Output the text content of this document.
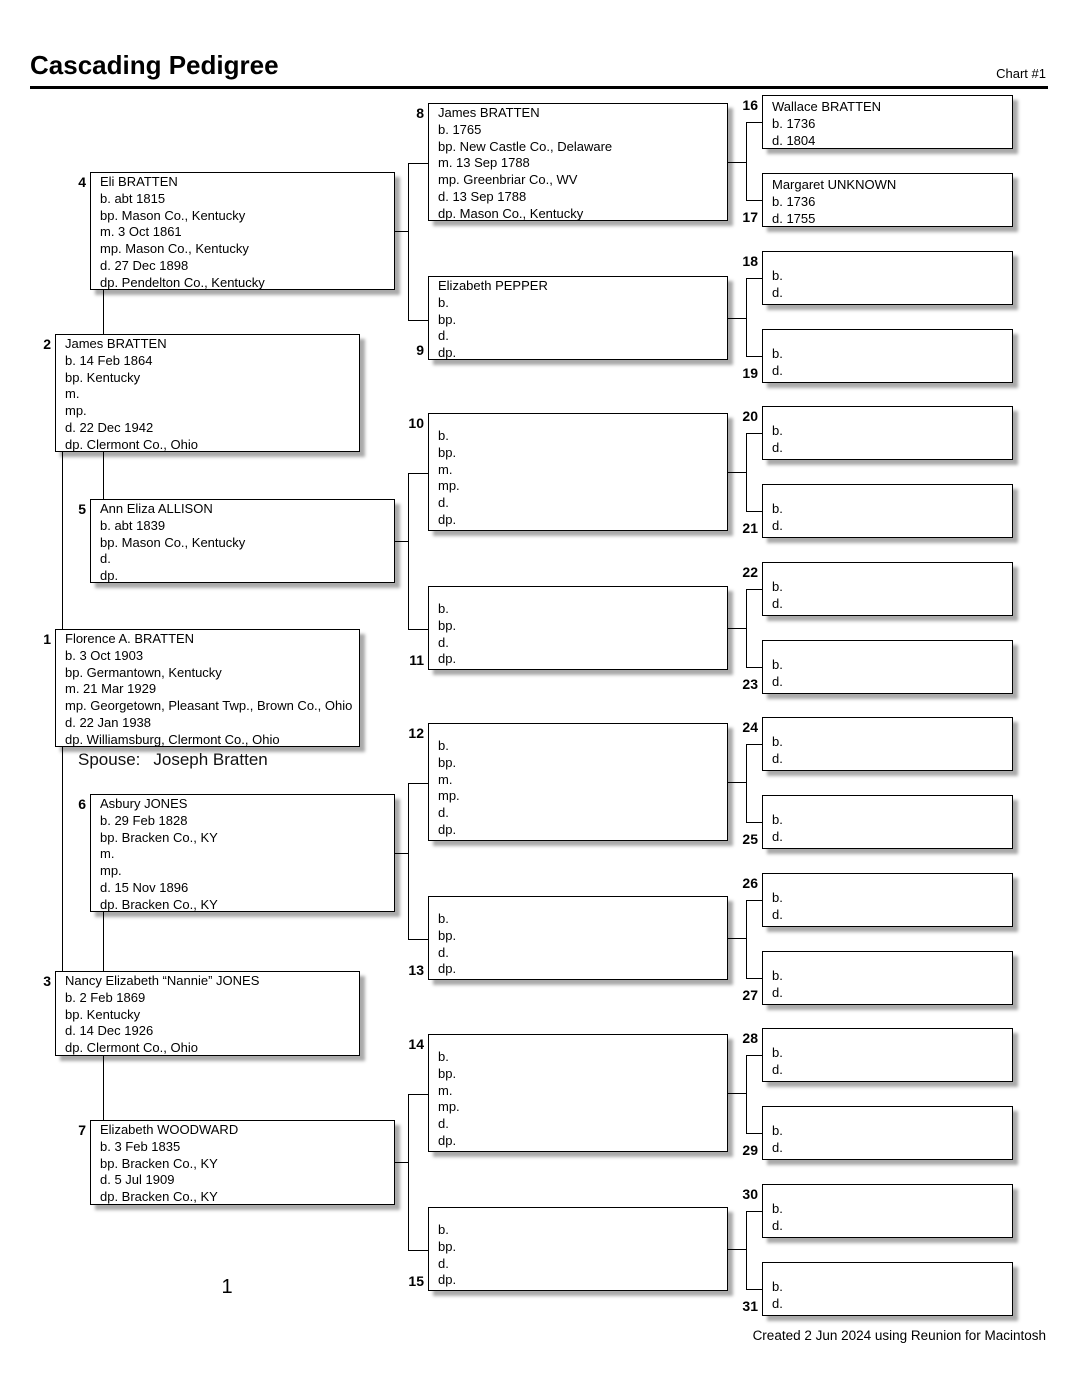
Cascading Pedigree	Chart #1
Florence A. BRATTEN
b. 3 Oct 1903
bp. Germantown, Kentucky
m. 21 Mar 1929
mp. Georgetown, Pleasant Twp., Brown Co., Ohio
d. 22 Jan 1938
dp. Williamsburg, Clermont Co., Ohio
1
James BRATTEN
b. 14 Feb 1864
bp. Kentucky
m.
mp.
d. 22 Dec 1942
dp. Clermont Co., Ohio
2
Nancy Elizabeth “Nannie” JONES
b. 2 Feb 1869
bp. Kentucky
d. 14 Dec 1926
dp. Clermont Co., Ohio
3
Eli BRATTEN
b. abt 1815
bp. Mason Co., Kentucky
m. 3 Oct 1861
mp. Mason Co., Kentucky
d. 27 Dec 1898
dp. Pendelton Co., Kentucky
4
Ann Eliza ALLISON
b. abt 1839
bp. Mason Co., Kentucky
d.
dp.
5
Asbury JONES
b. 29 Feb 1828
bp. Bracken Co., KY
m.
mp.
d. 15 Nov 1896
dp. Bracken Co., KY
6
Elizabeth WOODWARD
b. 3 Feb 1835
bp. Bracken Co., KY
d. 5 Jul 1909
dp. Bracken Co., KY
7
James BRATTEN
b. 1765
bp. New Castle Co., Delaware
m. 13 Sep 1788
mp. Greenbriar Co., WV
d. 13 Sep 1788
dp. Mason Co., Kentucky
8
Elizabeth PEPPER
b.
bp.
d.
dp.
9
b.
bp.
m.
mp.
d.
dp.
10
b.
bp.
d.
dp.
11
b.
bp.
m.
mp.
d.
dp.
12
b.
bp.
d.
dp.
13
b.
bp.
m.
mp.
d.
dp.
14
b.
bp.
d.
dp.
15
Wallace BRATTEN
b. 1736
d. 1804
16
Margaret UNKNOWN
b. 1736
d. 1755
17
b.
d.
18
b.
d.
19
b.
d.
20
b.
d.
21
b.
d.
22
b.
d.
23
b.
d.
24
b.
d.
25
b.
d.
26
b.
d.
27
b.
d.
28
b.
d.
29
b.
d.
30
b.
d.
31
Spouse: Joseph Bratten
1
Created 2 Jun 2024 using Reunion for Macintosh
